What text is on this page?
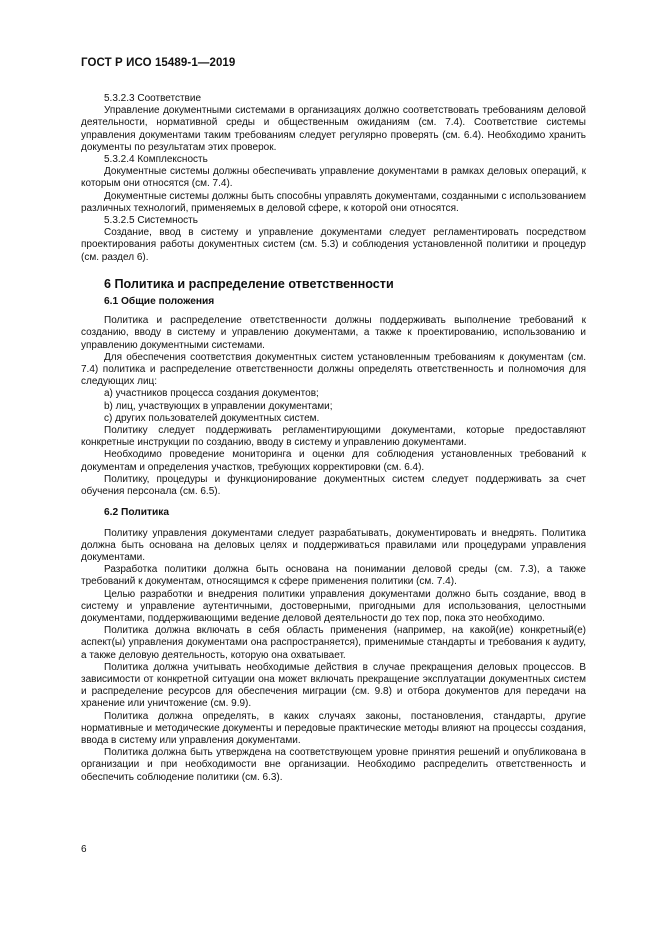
ГОСТ Р ИСО 15489-1—2019

5.3.2.3 Соответствие

Управление документными системами в организациях должно соответствовать требованиям деловой деятельности, нормативной среды и общественным ожиданиям (см. 7.4). Соответствие системы управления документами таким требованиям следует регулярно проверять (см. 6.4). Необходимо хранить документы по результатам этих проверок.

5.3.2.4 Комплексность

Документные системы должны обеспечивать управление документами в рамках деловых операций, к которым они относятся (см. 7.4).

Документные системы должны быть способны управлять документами, созданными с использованием различных технологий, применяемых в деловой сфере, к которой они относятся.

5.3.2.5 Системность

Создание, ввод в систему и управление документами следует регламентировать посредством проектирования работы документных систем (см. 5.3) и соблюдения установленной политики и процедур (см. раздел 6).

6 Политика и распределение ответственности
6.1 Общие положения

Политика и распределение ответственности должны поддерживать выполнение требований к созданию, вводу в систему и управлению документами, а также к проектированию, использованию и управлению документными системами.

Для обеспечения соответствия документных систем установленным требованиям к документам (см. 7.4) политика и распределение ответственности должны определять ответственность и полномочия для следующих лиц:

a) участников процесса создания документов;

b) лиц, участвующих в управлении документами;

c) других пользователей документных систем.

Политику следует поддерживать регламентирующими документами, которые предоставляют конкретные инструкции по созданию, вводу в систему и управлению документами.

Необходимо проведение мониторинга и оценки для соблюдения установленных требований к документам и определения участков, требующих корректировки (см. 6.4).

Политику, процедуры и функционирование документных систем следует поддерживать за счет обучения персонала (см. 6.5).

6.2 Политика

Политику управления документами следует разрабатывать, документировать и внедрять. Политика должна быть основана на деловых целях и поддерживаться правилами или процедурами управления документами.

Разработка политики должна быть основана на понимании деловой среды (см. 7.3), а также требований к документам, относящимся к сфере применения политики (см. 7.4).

Целью разработки и внедрения политики управления документами должно быть создание, ввод в систему и управление аутентичными, достоверными, пригодными для использования, целостными документами, поддерживающими ведение деловой деятельности до тех пор, пока это необходимо.

Политика должна включать в себя область применения (например, на какой(ие) конкретный(е) аспект(ы) управления документами она распространяется), применимые стандарты и требования к аудиту, а также деловую деятельность, которую она охватывает.

Политика должна учитывать необходимые действия в случае прекращения деловых процессов. В зависимости от конкретной ситуации она может включать прекращение эксплуатации документных систем и распределение ресурсов для обеспечения миграции (см. 9.8) и отбора документов для передачи на хранение или уничтожение (см. 9.9).

Политика должна определять, в каких случаях законы, постановления, стандарты, другие нормативные и методические документы и передовые практические методы влияют на процессы создания, ввода в систему или управления документами.

Политика должна быть утверждена на соответствующем уровне принятия решений и опубликована в организации и при необходимости вне организации. Необходимо распределить ответственность и обеспечить соблюдение политики (см. 6.3).

6
